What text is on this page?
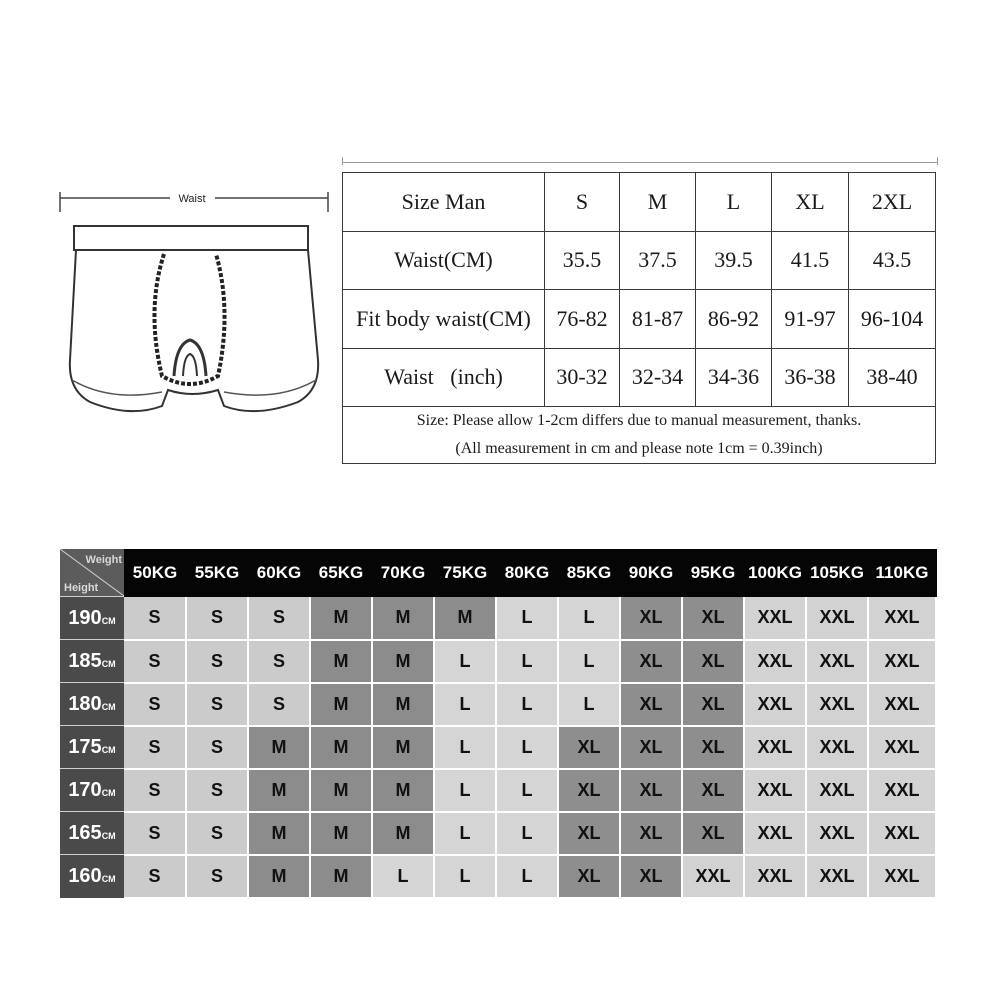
Waist	Size Man	S	M	L	XL	2XL
Waist(CM)	35.5	37.5	39.5	41.5	43.5
Fit body waist(CM)	76-82	81-87	86-92	91-97	96-104
Waist   (inch)	30-32	32-34	34-36	36-38	38-40

Size: Please allow 1-2cm differs due to manual measurement, thanks.
(All measurement in cm and please note 1cm = 0.39inch)					
Weight
Height	50KG	55KG	60KG	65KG	70KG	75KG	80KG	85KG	90KG	95KG	100KG	105KG	110KG
190CM	S	S	S	M	M	M	L	L	XL	XL	XXL	XXL	XXL
185CM	S	S	S	M	M	L	L	L	XL	XL	XXL	XXL	XXL
180CM	S	S	S	M	M	L	L	L	XL	XL	XXL	XXL	XXL
175CM	S	S	M	M	M	L	L	XL	XL	XL	XXL	XXL	XXL
170CM	S	S	M	M	M	L	L	XL	XL	XL	XXL	XXL	XXL
165CM	S	S	M	M	M	L	L	XL	XL	XL	XXL	XXL	XXL
160CM	S	S	M	M	L	L	L	XL	XL	XXL	XXL	XXL	XXL
